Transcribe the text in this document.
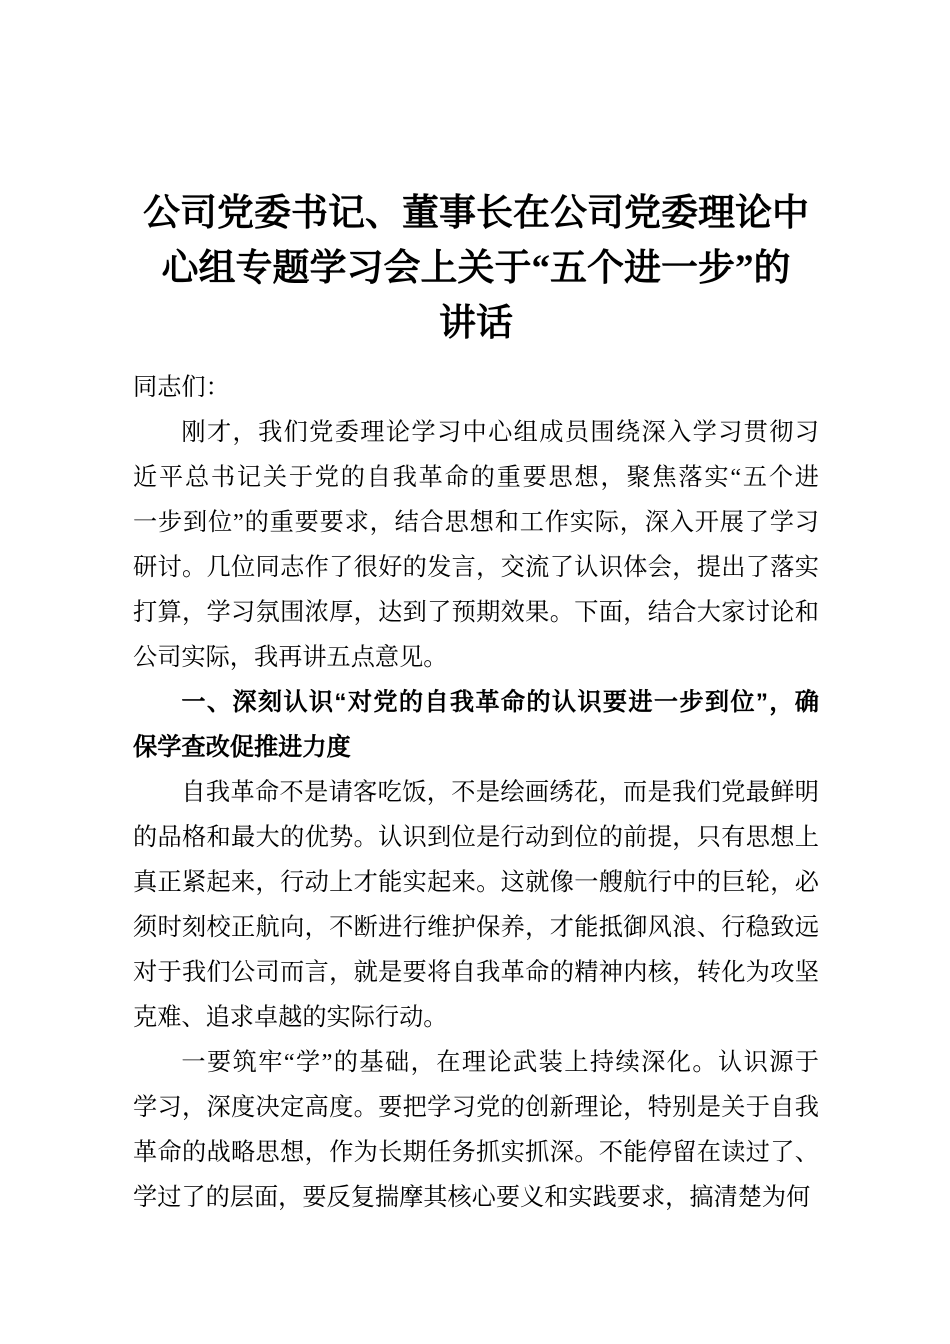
公司党委书记、董事长在公司党委理论中

心组专题学习会上关于“五个进一步”的

讲话

同志们：

刚才，我们党委理论学习中心组成员围绕深入学习贯彻习

近平总书记关于党的自我革命的重要思想，聚焦落实“五个进

一步到位”的重要要求，结合思想和工作实际，深入开展了学习

研讨。几位同志作了很好的发言，交流了认识体会，提出了落实

打算，学习氛围浓厚，达到了预期效果。下面，结合大家讨论和

公司实际，我再讲五点意见。

一、深刻认识“对党的自我革命的认识要进一步到位”，确

保学查改促推进力度

自我革命不是请客吃饭，不是绘画绣花，而是我们党最鲜明

的品格和最大的优势。认识到位是行动到位的前提，只有思想上

真正紧起来，行动上才能实起来。这就像一艘航行中的巨轮，必

须时刻校正航向，不断进行维护保养，才能抵御风浪、行稳致远

对于我们公司而言，就是要将自我革命的精神内核，转化为攻坚

克难、追求卓越的实际行动。

一要筑牢“学”的基础，在理论武装上持续深化。认识源于

学习，深度决定高度。要把学习党的创新理论，特别是关于自我

革命的战略思想，作为长期任务抓实抓深。不能停留在读过了、

学过了的层面，要反复揣摩其核心要义和实践要求，搞清楚为何
